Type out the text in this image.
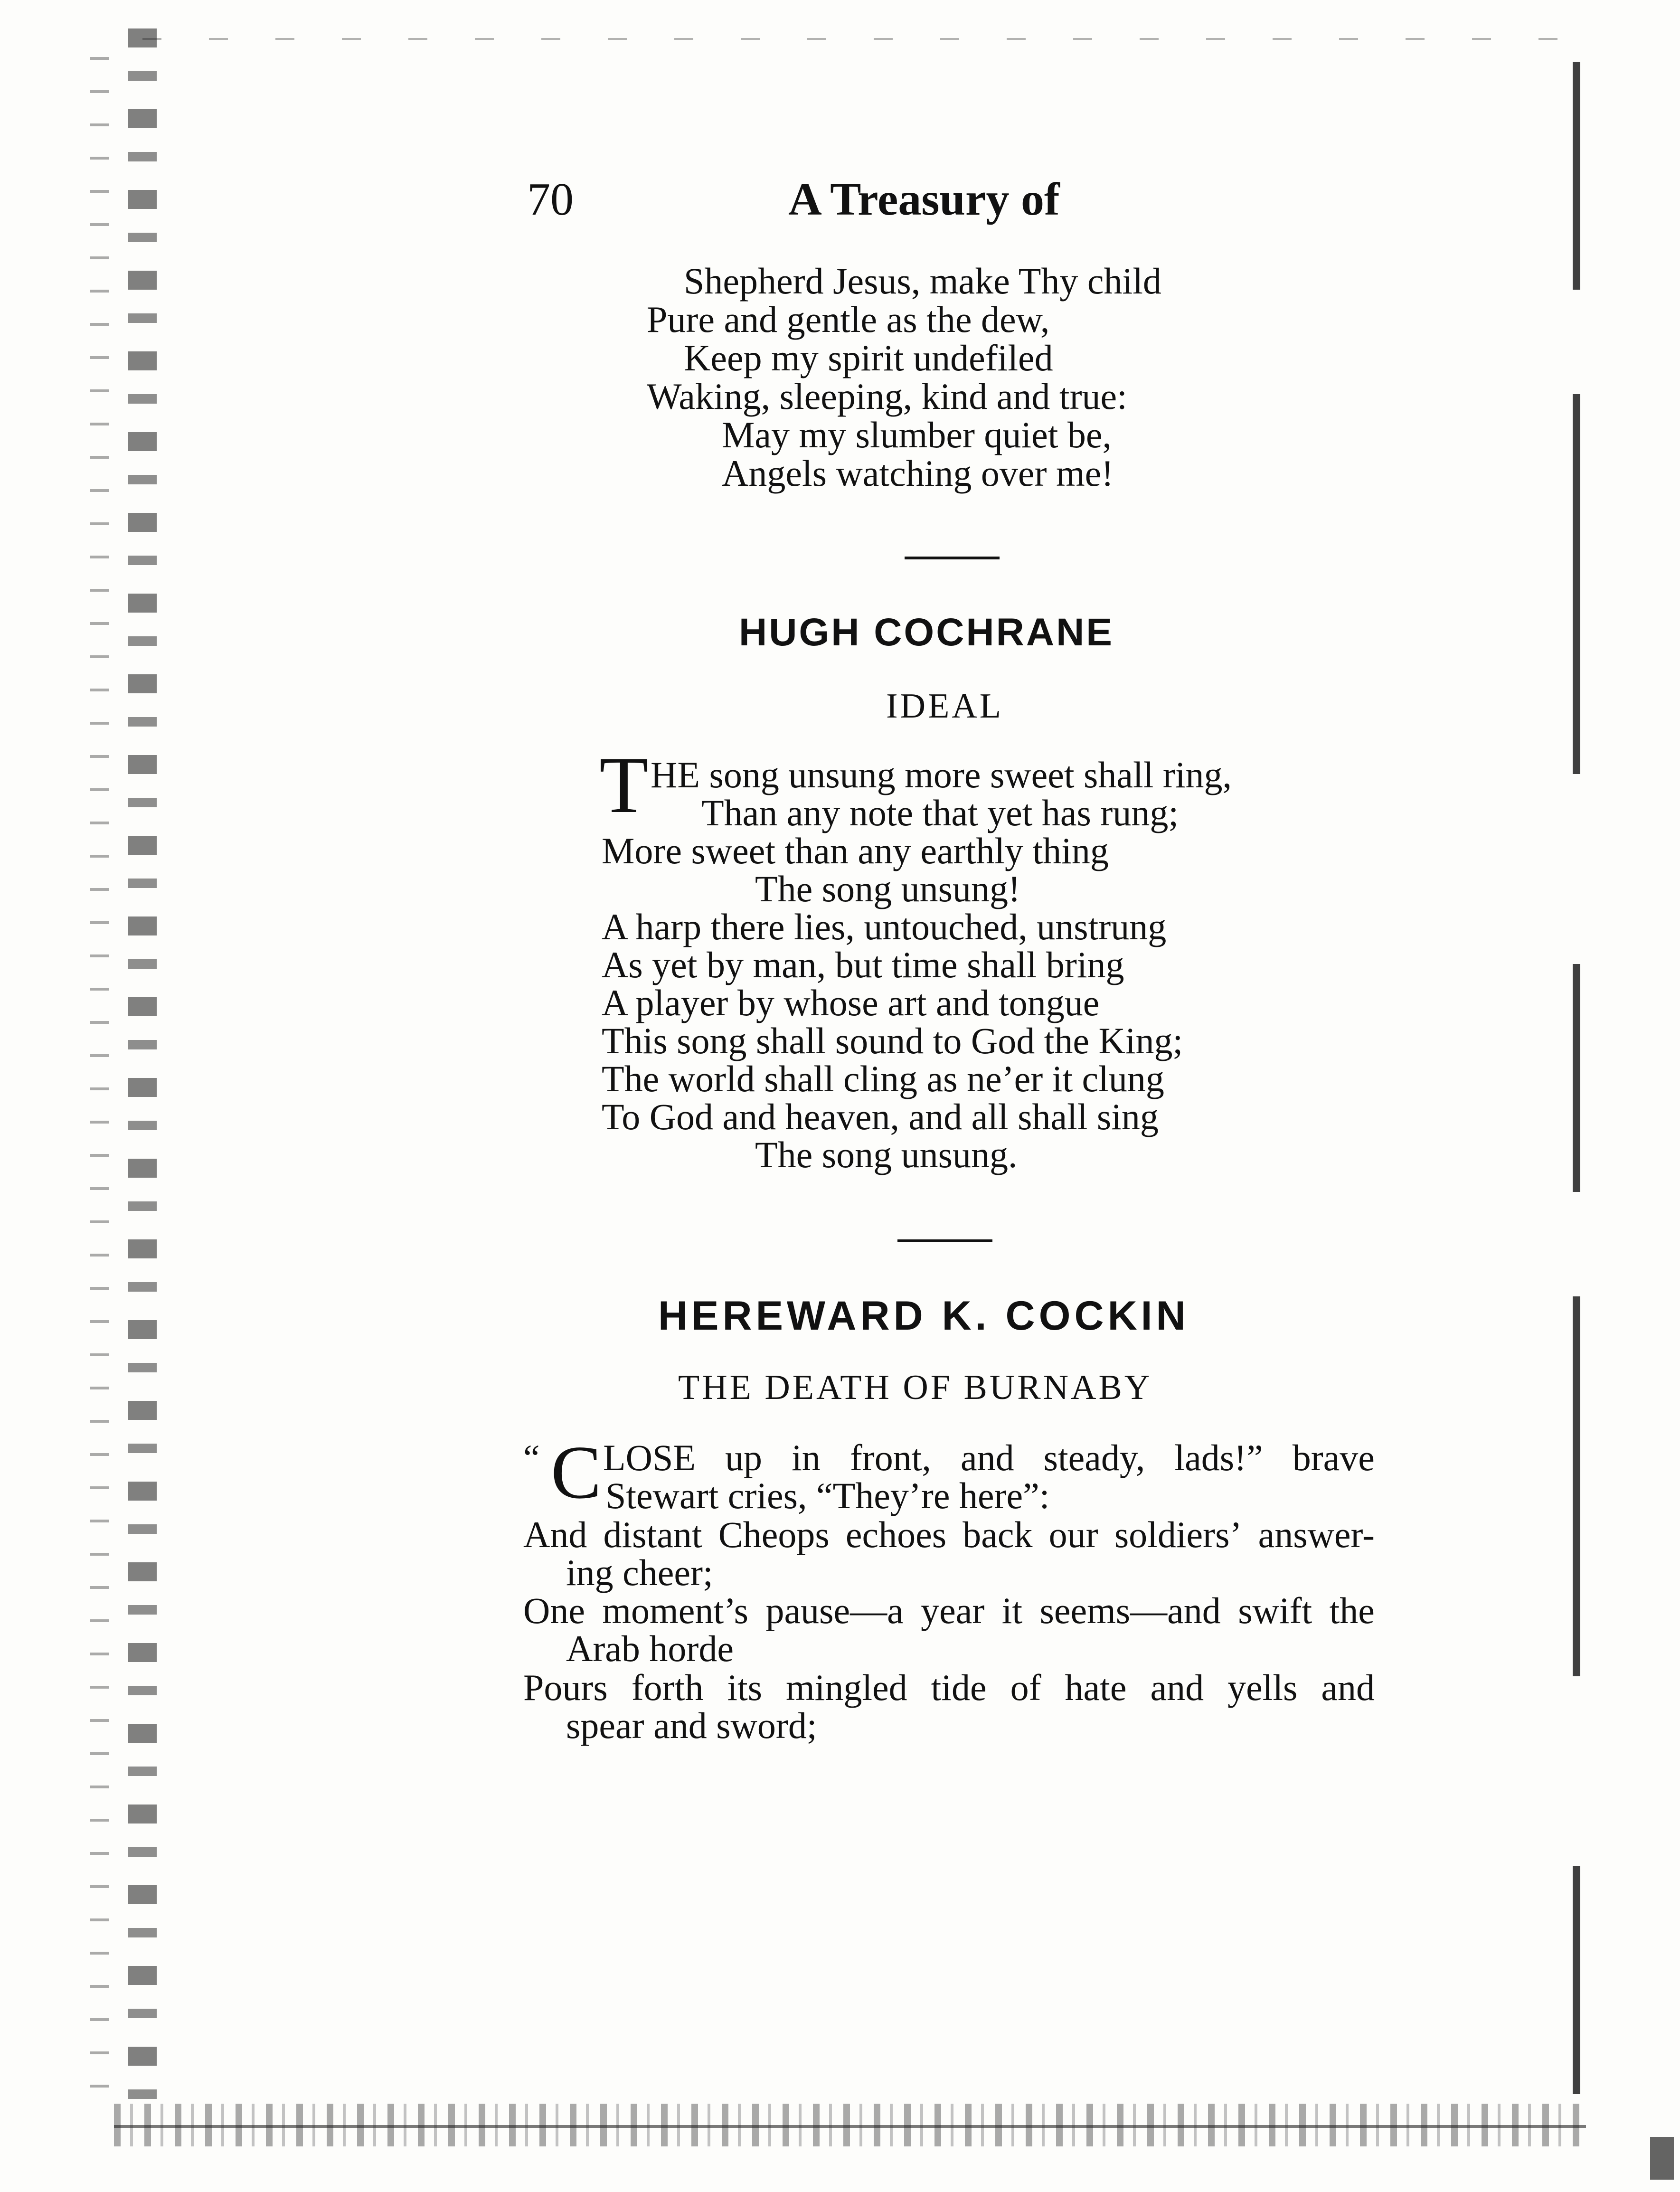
70	A Treasury of
Shepherd Jesus, make Thy child
Pure and gentle as the dew,
Keep my spirit undefiled
Waking, sleeping, kind and true:
May my slumber quiet be,
Angels watching over me!
HUGH COCHRANE
IDEAL
T HE song unsung more sweet shall ring,
Than any note that yet has rung;
More sweet than any earthly thing
The song unsung!
A harp there lies, untouched, unstrung
As yet by man, but time shall bring
A player by whose art and tongue
This song shall sound to God the King;
The world shall cling as ne’er it clung
To God and heaven, and all shall sing
The song unsung.
HEREWARD K. COCKIN
THE DEATH OF BURNABY
“ C LOSE up in front, and steady, lads!” brave
Stewart cries, “They’re here”:
And distant Cheops echoes back our soldiers’ answer-
ing cheer;
One moment’s pause—a year it seems—and swift the
Arab horde
Pours forth its mingled tide of hate and yells and
spear and sword;
